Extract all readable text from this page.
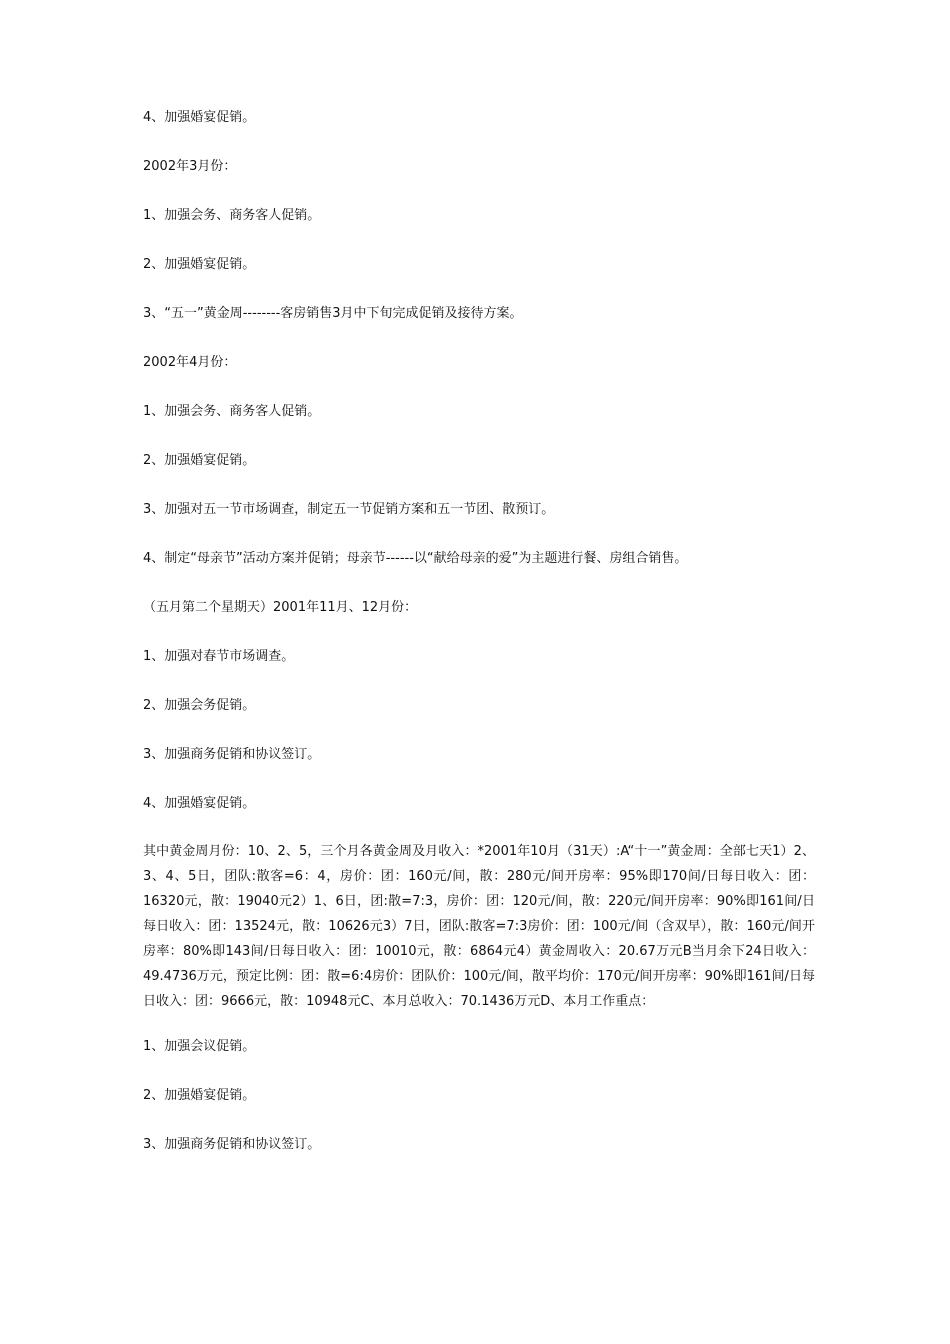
4、加强婚宴促销。

2002年3月份：

1、加强会务、商务客人促销。

2、加强婚宴促销。

3、“五一”黄金周--------客房销售3月中下旬完成促销及接待方案。

2002年4月份：

1、加强会务、商务客人促销。

2、加强婚宴促销。

3、加强对五一节市场调查，制定五一节促销方案和五一节团、散预订。

4、制定“母亲节”活动方案并促销；母亲节------以“献给母亲的爱”为主题进行餐、房组合销售。

（五月第二个星期天）2001年11月、12月份：

1、加强对春节市场调查。

2、加强会务促销。

3、加强商务促销和协议签订。

4、加强婚宴促销。

其中黄金周月份：10、2、5，三个月各黄金周及月收入：*2001年10月（31天）:A“十一”黄金周：全部七天1）2、3、4、5日，团队:散客=6：4，房价：团：160元/间，散：280元/间开房率：95%即170间/日每日收入：团：16320元，散：19040元2）1、6日，团:散=7:3，房价：团：120元/间，散：220元/间开房率：90%即161间/日每日收入：团：13524元，散：10626元3）7日，团队:散客=7:3房价：团：100元/间（含双早），散：160元/间开房率：80%即143间/日每日收入：团：10010元，散：6864元4）黄金周收入：20.67万元B当月余下24日收入：49.4736万元，预定比例：团：散=6:4房价：团队价：100元/间，散平均价：170元/间开房率：90%即161间/日每日收入：团：9666元，散：10948元C、本月总收入：70.1436万元D、本月工作重点：

1、加强会议促销。

2、加强婚宴促销。

3、加强商务促销和协议签订。
